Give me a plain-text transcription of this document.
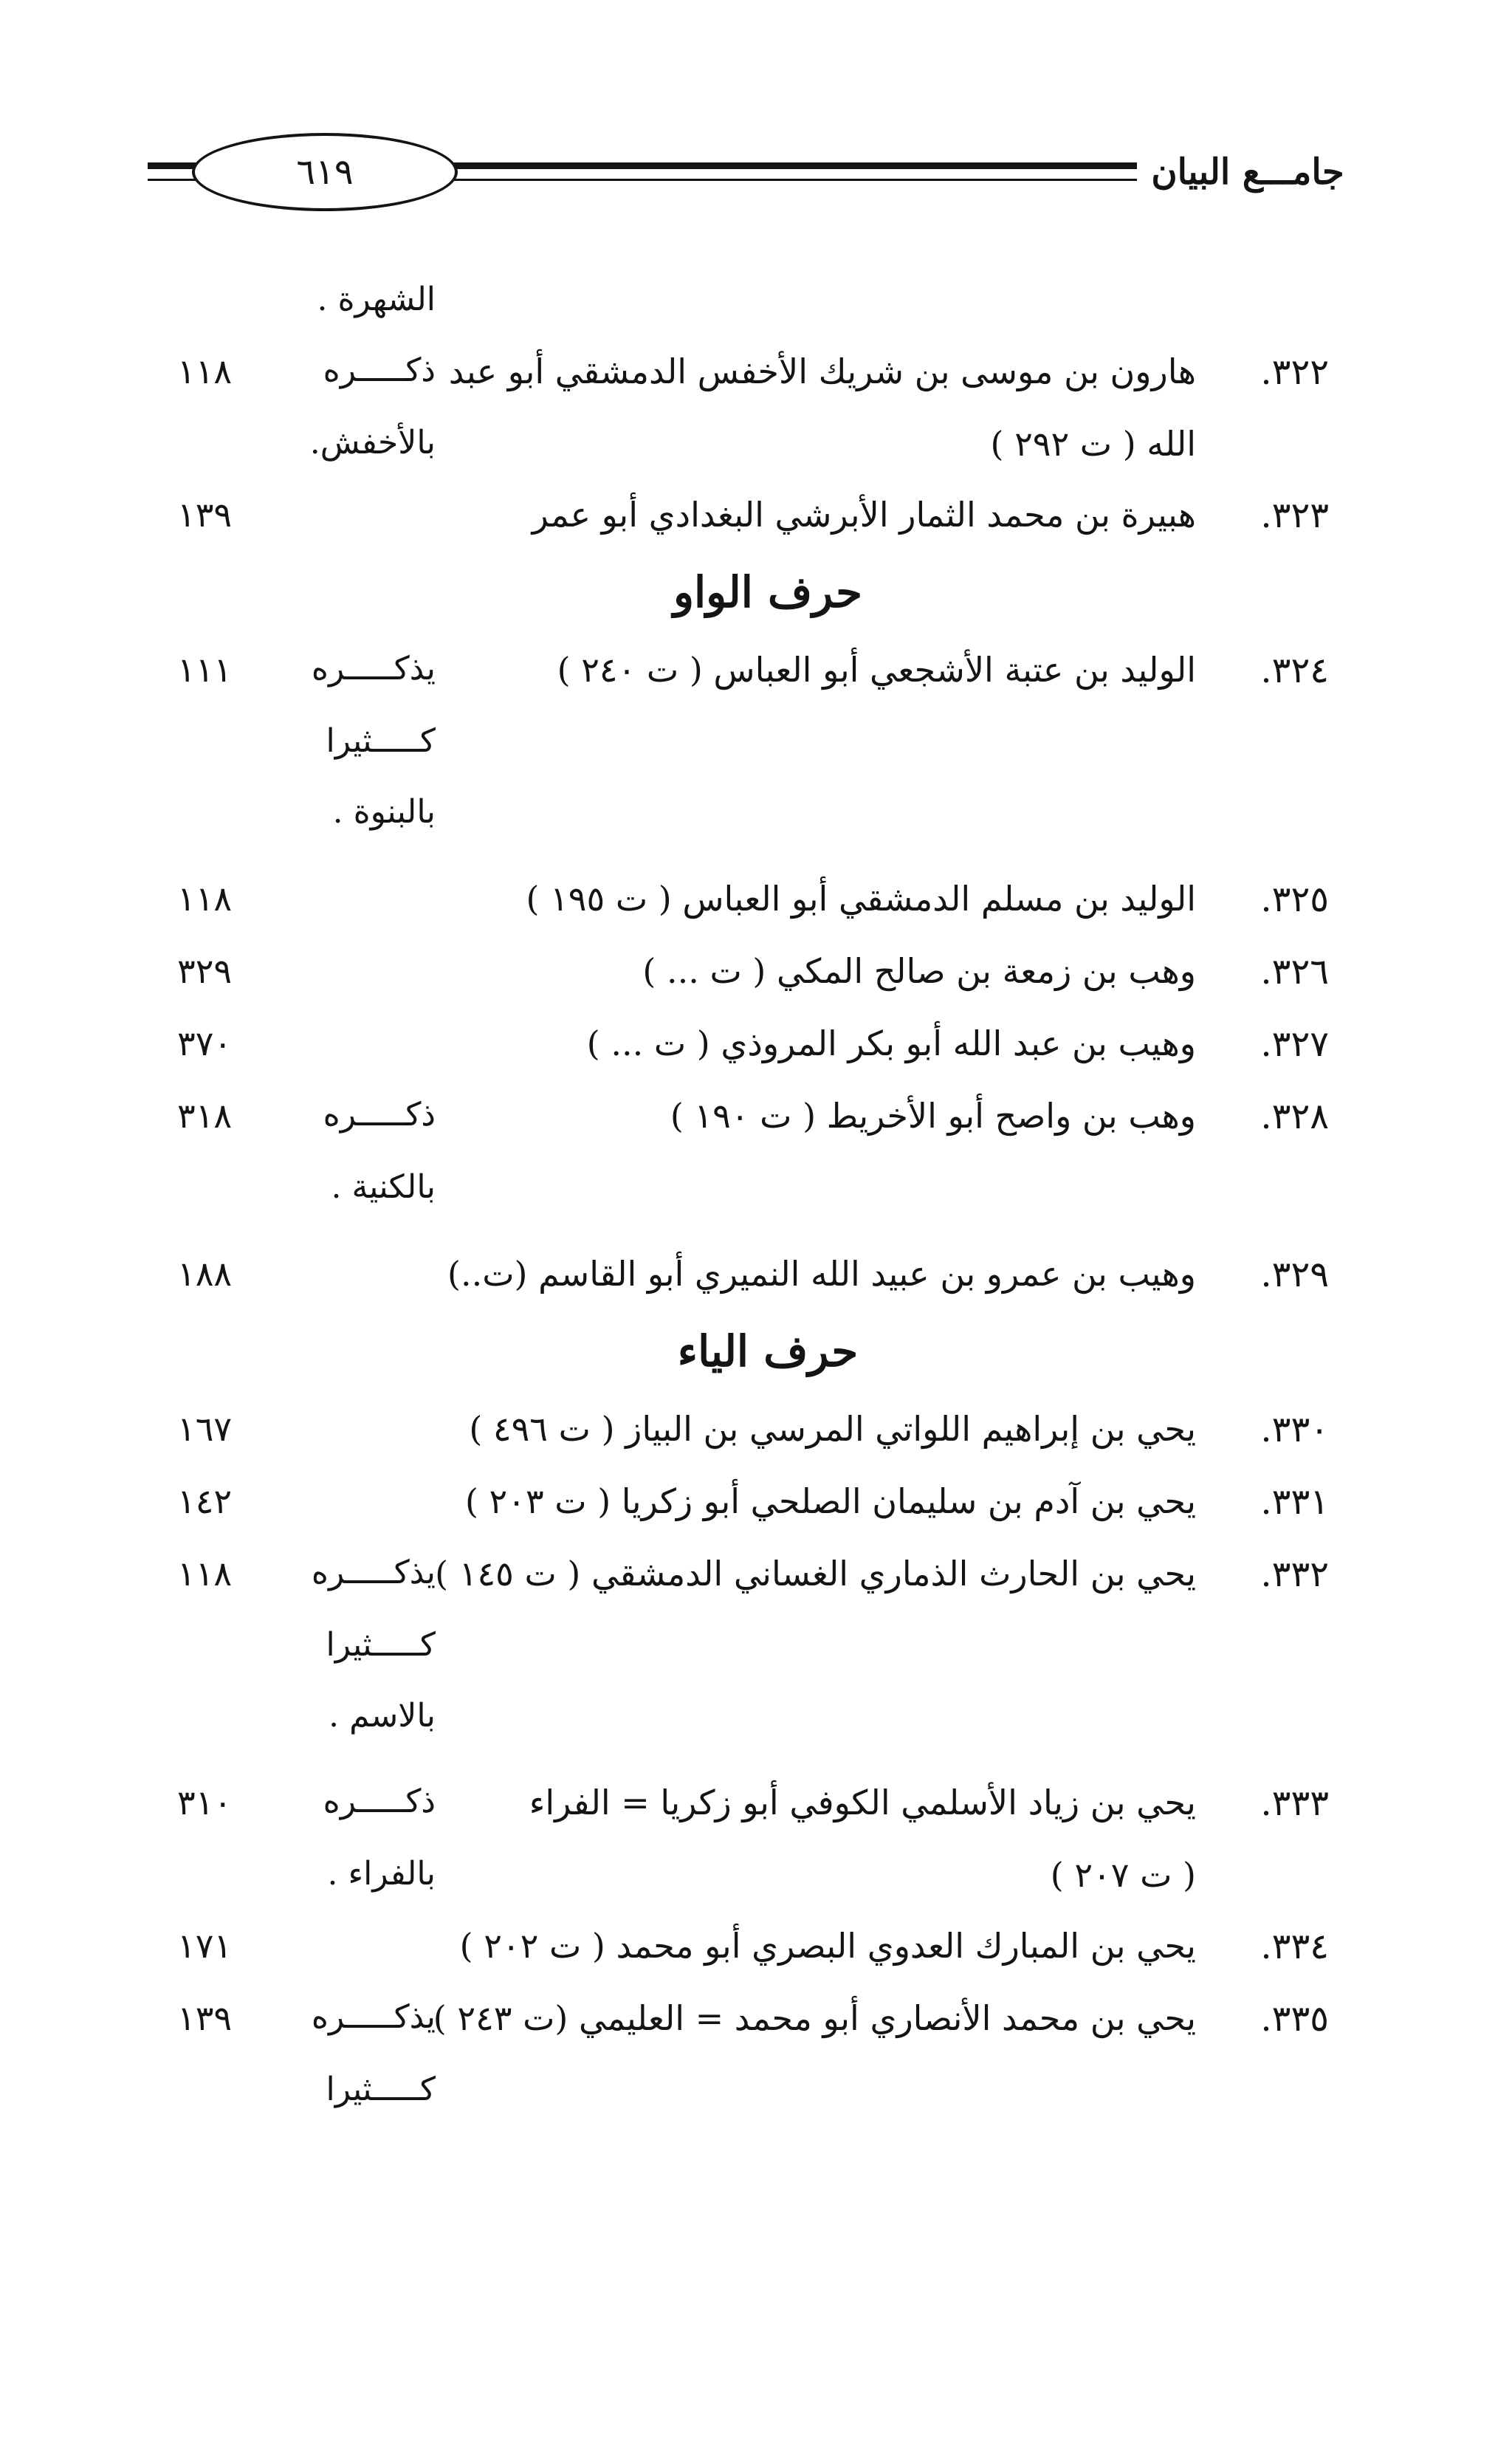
٦١٩	جامـــع البيان
الشهرة .
٣٢٢.
هارون بن موسى بن شريك الأخفس الدمشقي أبو عبد
ذكـــــره
١١٨
الله ( ت ٢٩٢ )
بالأخفش.
٣٢٣.
هبيرة بن محمد الثمار الأبرشي البغدادي أبو عمر
١٣٩
حرف الواو
٣٢٤.
الوليد بن عتبة الأشجعي أبو العباس ( ت ٢٤٠ )
يذكـــــره
١١١
كـــــثيرا
بالبنوة .
٣٢٥.
الوليد بن مسلم الدمشقي أبو العباس ( ت ١٩٥ )
١١٨
٣٢٦.
وهب بن زمعة بن صالح المكي ( ت ... )
٣٢٩
٣٢٧.
وهيب بن عبد الله أبو بكر المروذي ( ت ... )
٣٧٠
٣٢٨.
وهب بن واصح أبو الأخريط ( ت ١٩٠ )
ذكـــــره
٣١٨
بالكنية .
٣٢٩.
وهيب بن عمرو بن عبيد الله النميري أبو القاسم (ت..)
١٨٨
حرف الياء
٣٣٠.
يحي بن إبراهيم اللواتي المرسي بن البياز ( ت ٤٩٦ )
١٦٧
٣٣١.
يحي بن آدم بن سليمان الصلحي أبو زكريا ( ت ٢٠٣ )
١٤٢
٣٣٢.
يحي بن الحارث الذماري الغساني الدمشقي ( ت ١٤٥ )
يذكـــــره
١١٨
كـــــثيرا
بالاسم .
٣٣٣.
يحي بن زياد الأسلمي الكوفي أبو زكريا = الفراء
ذكـــــره
٣١٠
( ت ٢٠٧ )
بالفراء .
٣٣٤.
يحي بن المبارك العدوي البصري أبو محمد ( ت ٢٠٢ )
١٧١
٣٣٥.
يحي بن محمد الأنصاري أبو محمد = العليمي (ت ٢٤٣ )
يذكـــــره
١٣٩
كـــــثيرا
